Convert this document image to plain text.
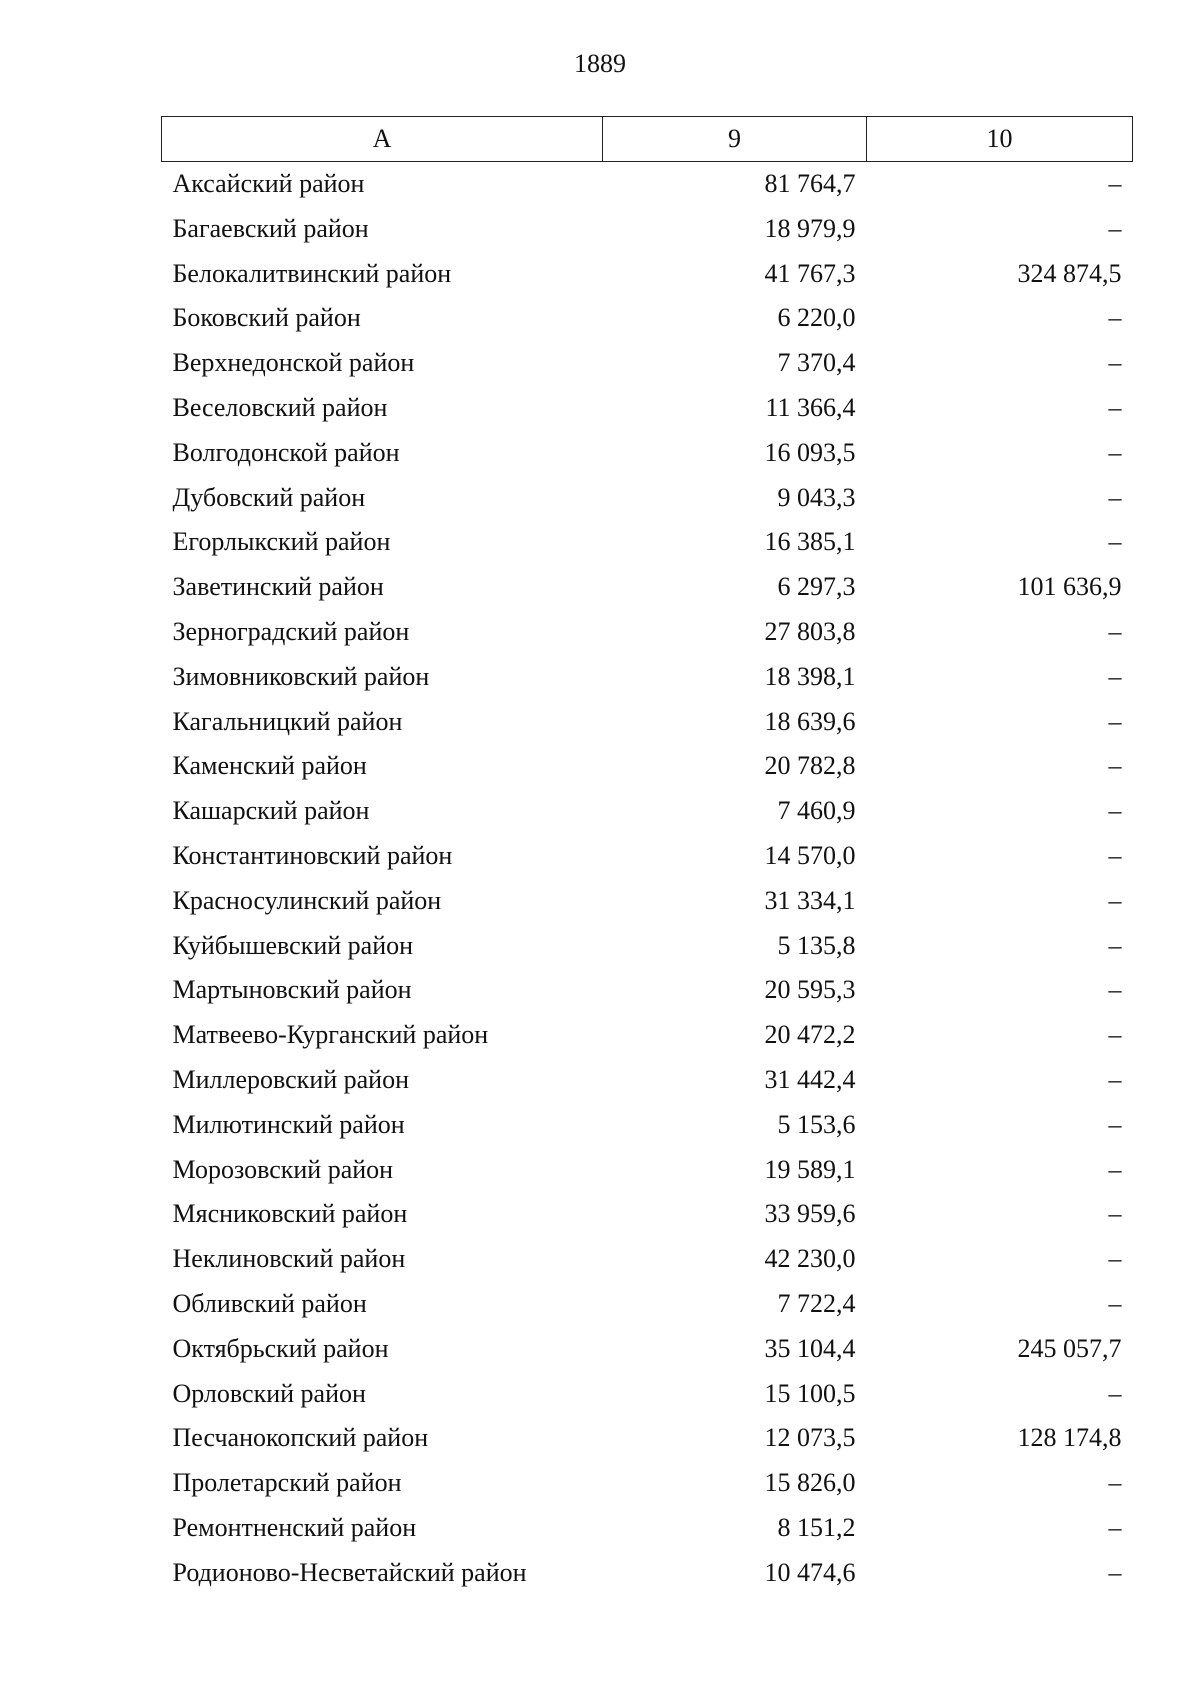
1889
А	9	10
Аксайский район	81 764,7	–
Багаевский район	18 979,9	–
Белокалитвинский район	41 767,3	324 874,5
Боковский район	6 220,0	–
Верхнедонской район	7 370,4	–
Веселовский район	11 366,4	–
Волгодонской район	16 093,5	–
Дубовский район	9 043,3	–
Егорлыкский район	16 385,1	–
Заветинский район	6 297,3	101 636,9
Зерноградский район	27 803,8	–
Зимовниковский район	18 398,1	–
Кагальницкий район	18 639,6	–
Каменский район	20 782,8	–
Кашарский район	7 460,9	–
Константиновский район	14 570,0	–
Красносулинский район	31 334,1	–
Куйбышевский район	5 135,8	–
Мартыновский район	20 595,3	–
Матвеево-Курганский район	20 472,2	–
Миллеровский район	31 442,4	–
Милютинский район	5 153,6	–
Морозовский район	19 589,1	–
Мясниковский район	33 959,6	–
Неклиновский район	42 230,0	–
Обливский район	7 722,4	–
Октябрьский район	35 104,4	245 057,7
Орловский район	15 100,5	–
Песчанокопский район	12 073,5	128 174,8
Пролетарский район	15 826,0	–
Ремонтненский район	8 151,2	–
Родионово-Несветайский район	10 474,6	–
